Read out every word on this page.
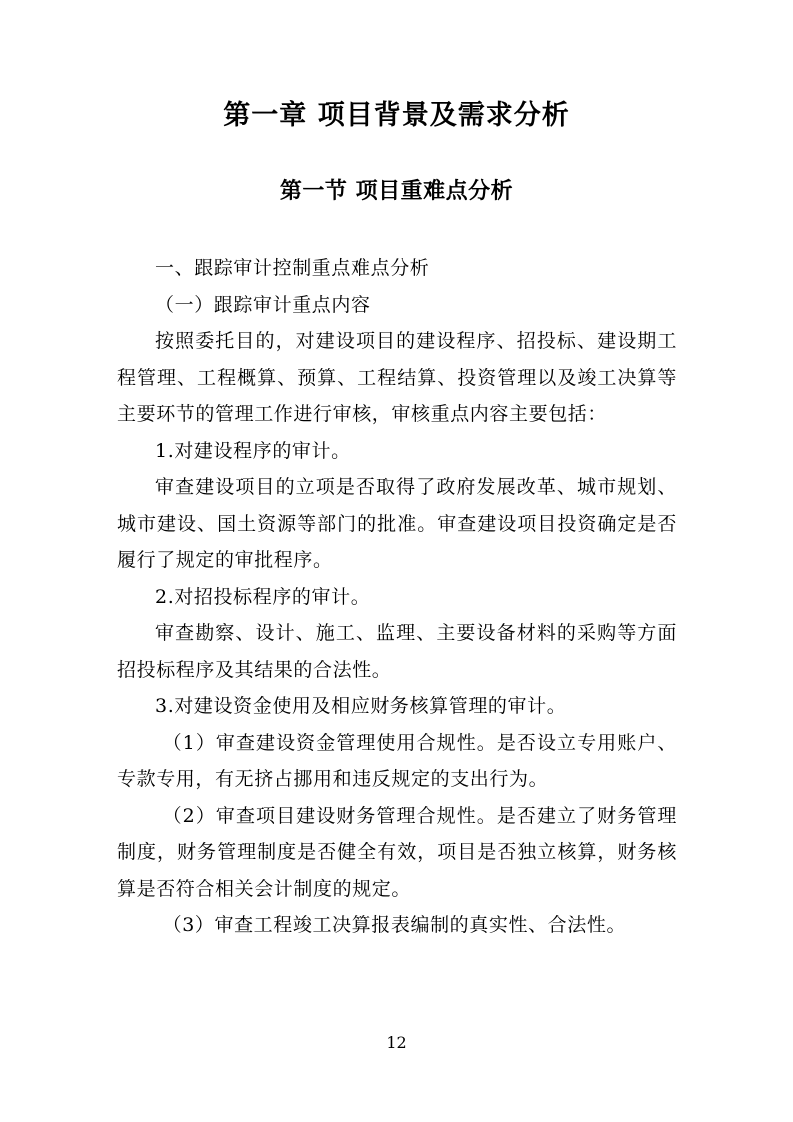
第一章 项目背景及需求分析
第一节 项目重难点分析

一、跟踪审计控制重点难点分析

（一）跟踪审计重点内容

按照委托目的，对建设项目的建设程序、招投标、建设期工程管理、工程概算、预算、工程结算、投资管理以及竣工决算等主要环节的管理工作进行审核，审核重点内容主要包括：

1.对建设程序的审计。

审查建设项目的立项是否取得了政府发展改革、城市规划、城市建设、国土资源等部门的批准。审查建设项目投资确定是否履行了规定的审批程序。

2.对招投标程序的审计。

审查勘察、设计、施工、监理、主要设备材料的采购等方面招投标程序及其结果的合法性。

3.对建设资金使用及相应财务核算管理的审计。

（1）审查建设资金管理使用合规性。是否设立专用账户、专款专用，有无挤占挪用和违反规定的支出行为。

（2）审查项目建设财务管理合规性。是否建立了财务管理制度，财务管理制度是否健全有效，项目是否独立核算，财务核算是否符合相关会计制度的规定。

（3）审查工程竣工决算报表编制的真实性、合法性。

12
